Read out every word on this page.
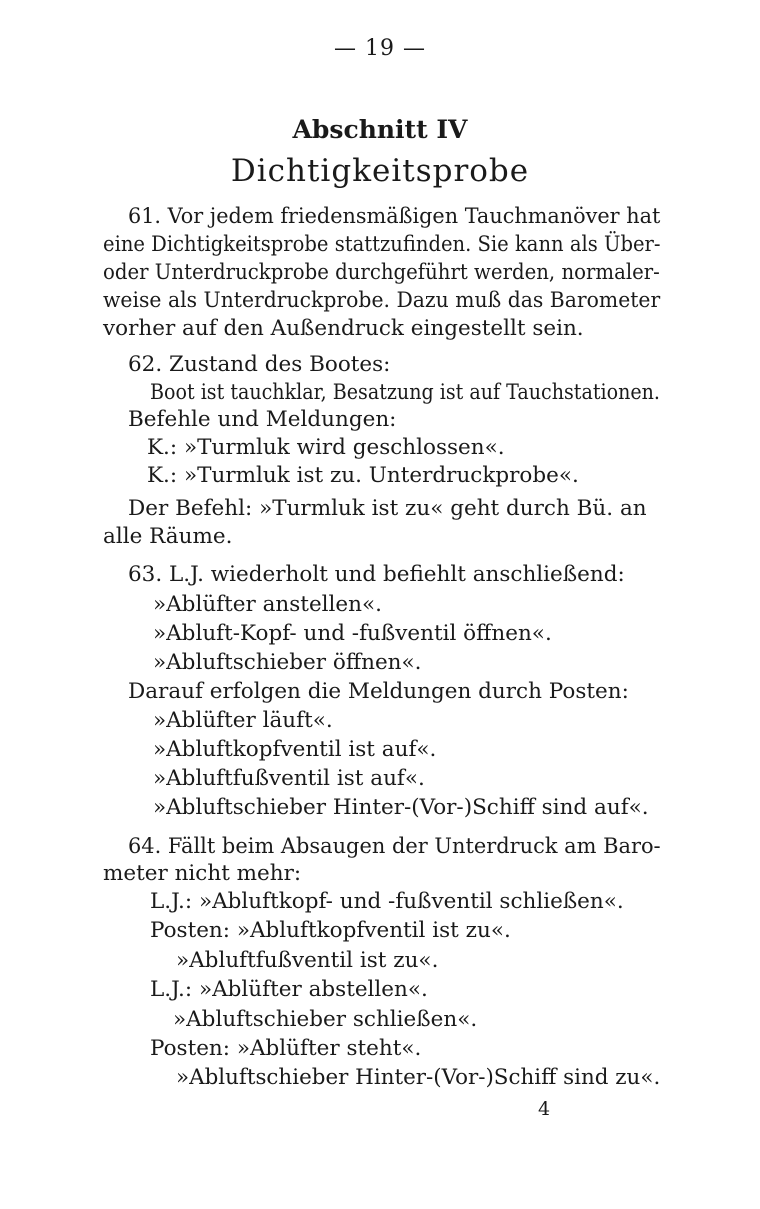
— 19 —
Abschnitt IV
Dichtigkeitsprobe
61. Vor jedem friedensmäßigen Tauchmanöver hat
eine Dichtigkeitsprobe stattzufinden. Sie kann als Über-
oder Unterdruckprobe durchgeführt werden, normaler-
weise als Unterdruckprobe. Dazu muß das Barometer
vorher auf den Außendruck eingestellt sein.
62. Zustand des Bootes:
Boot ist tauchklar, Besatzung ist auf Tauchstationen.
Befehle und Meldungen:
K.: »Turmluk wird geschlossen«.
K.: »Turmluk ist zu. Unterdruckprobe«.
Der Befehl: »Turmluk ist zu« geht durch Bü. an
alle Räume.
63. L.J. wiederholt und befiehlt anschließend:
»Ablüfter anstellen«.
»Abluft-Kopf- und -fußventil öffnen«.
»Abluftschieber öffnen«.
Darauf erfolgen die Meldungen durch Posten:
»Ablüfter läuft«.
»Abluftkopfventil ist auf«.
»Abluftfußventil ist auf«.
»Abluftschieber Hinter-(Vor-)Schiff sind auf«.
64. Fällt beim Absaugen der Unterdruck am Baro-
meter nicht mehr:
L.J.: »Abluftkopf- und -fußventil schließen«.
Posten: »Abluftkopfventil ist zu«.
»Abluftfußventil ist zu«.
L.J.: »Ablüfter abstellen«.
»Abluftschieber schließen«.
Posten: »Ablüfter steht«.
»Abluftschieber Hinter-(Vor-)Schiff sind zu«.
4
